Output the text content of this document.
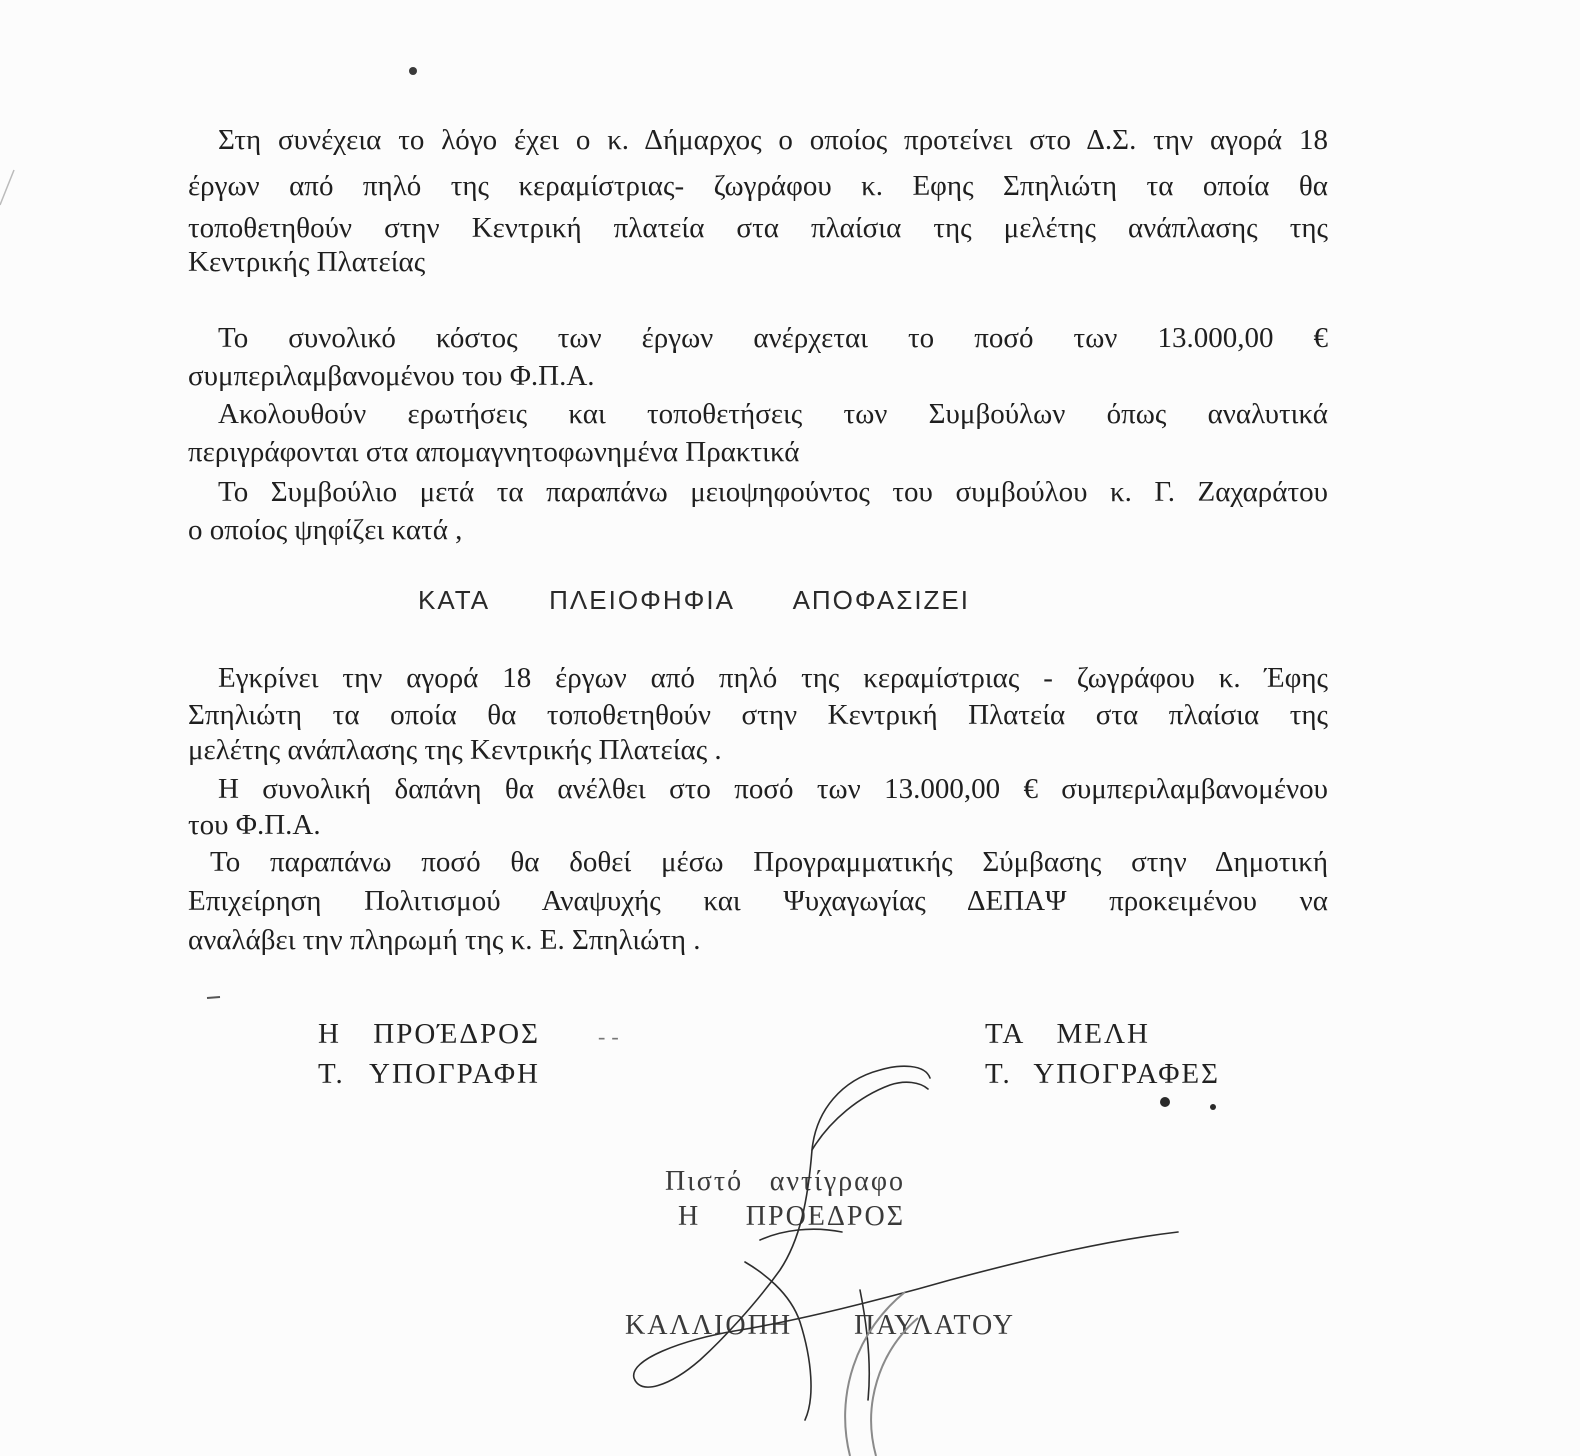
Στη συνέχεια το λόγο έχει ο κ. Δήμαρχος ο οποίος προτείνει στο Δ.Σ. την αγορά 18
έργων από πηλό της κεραμίστριας- ζωγράφου κ. Εφης Σπηλιώτη τα οποία θα
τοποθετηθούν στην Κεντρική πλατεία στα πλαίσια της μελέτης ανάπλασης της
Κεντρικής Πλατείας
Το συνολικό κόστος των έργων ανέρχεται το ποσό των 13.000,00 €
συμπεριλαμβανομένου του Φ.Π.Α.
Ακολουθούν ερωτήσεις και τοποθετήσεις των Συμβούλων όπως αναλυτικά
περιγράφονται στα απομαγνητοφωνημένα Πρακτικά
Το Συμβούλιο μετά τα παραπάνω μειοψηφούντος του συμβούλου κ. Γ. Ζαχαράτου
ο οποίος ψηφίζει κατά ,
ΚΑΤΑ ΠΛΕΙΟΦΗΦΙΑ ΑΠΟΦΑΣΙΖΕΙ
Εγκρίνει την αγορά 18 έργων από πηλό της κεραμίστριας - ζωγράφου κ. Έφης
Σπηλιώτη τα οποία θα τοποθετηθούν στην Κεντρική Πλατεία στα πλαίσια της
μελέτης ανάπλασης της Κεντρικής Πλατείας .
Η συνολική δαπάνη θα ανέλθει στο ποσό των 13.000,00 € συμπεριλαμβανομένου
του Φ.Π.Α.
Το παραπάνω ποσό θα δοθεί μέσω Προγραμματικής Σύμβασης στην Δημοτική
Επιχείρηση Πολιτισμού Αναψυχής και Ψυχαγωγίας ΔΕΠΑΨ προκειμένου να
αναλάβει την πληρωμή της κ. Ε. Σπηλιώτη .
Η ΠΡΟΈΔΡΟΣ	--
Τ. ΥΠΟΓΡΑΦΗ
ΤΑ ΜΕΛΗ
Τ. ΥΠΟΓΡΑΦΕΣ
Πιστό αντίγραφο
Η ΠΡΟΕΔΡΟΣ
ΚΑΛΛΙΟΠΗ ΠΑΥΛΑΤΟΥ
